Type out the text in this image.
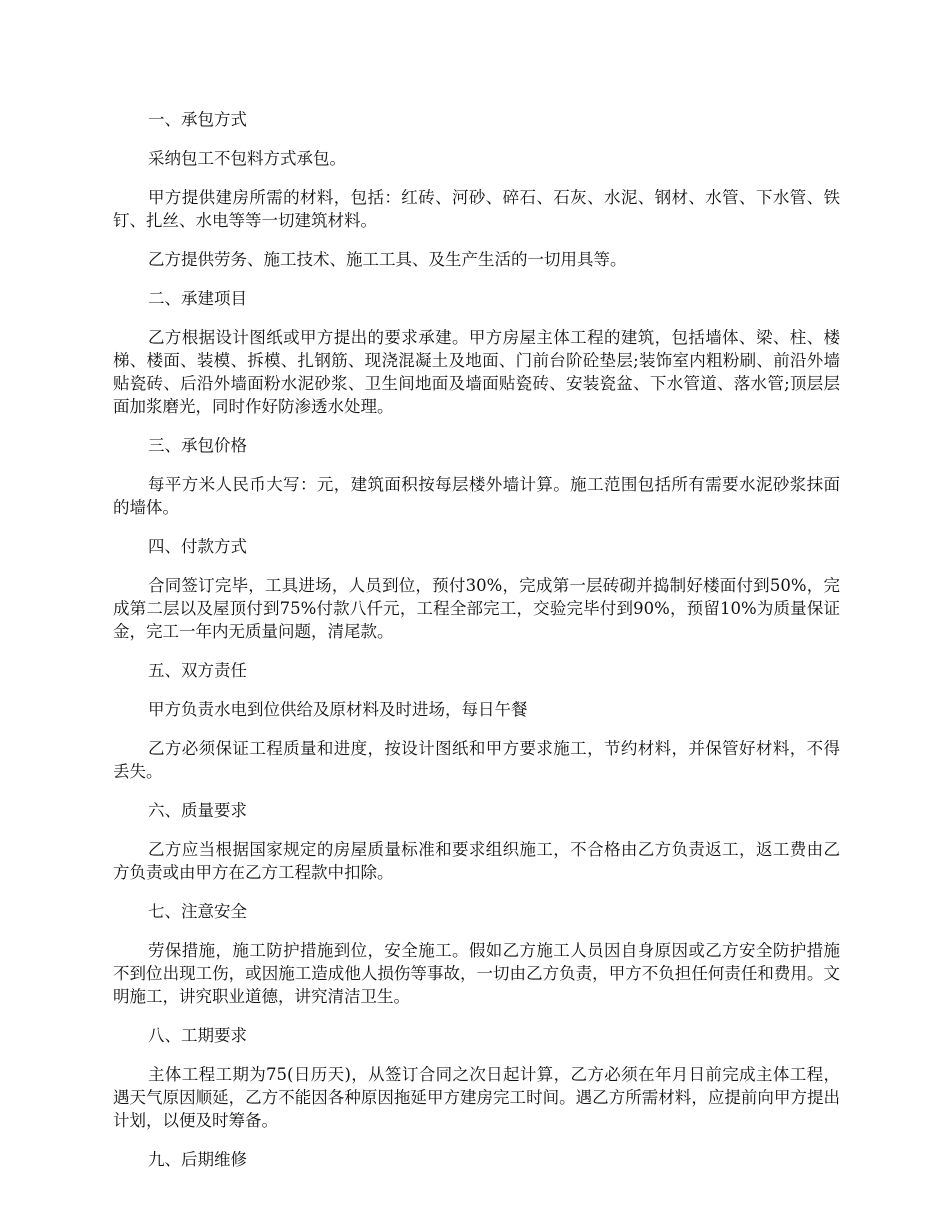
一、承包方式

采纳包工不包料方式承包。

甲方提供建房所需的材料，包括：红砖、河砂、碎石、石灰、水泥、钢材、水管、下水管、铁钉、扎丝、水电等等一切建筑材料。

乙方提供劳务、施工技术、施工工具、及生产生活的一切用具等。

二、承建项目

乙方根据设计图纸或甲方提出的要求承建。甲方房屋主体工程的建筑，包括墙体、梁、柱、楼梯、楼面、装模、拆模、扎钢筋、现浇混凝土及地面、门前台阶砼垫层;装饰室内粗粉刷、前沿外墙贴瓷砖、后沿外墙面粉水泥砂浆、卫生间地面及墙面贴瓷砖、安装瓷盆、下水管道、落水管;顶层层面加浆磨光，同时作好防渗透水处理。

三、承包价格

每平方米人民币大写：元，建筑面积按每层楼外墙计算。施工范围包括所有需要水泥砂浆抹面的墙体。

四、付款方式

合同签订完毕，工具进场，人员到位，预付30%，完成第一层砖砌并捣制好楼面付到50%，完成第二层以及屋顶付到75%付款八仟元，工程全部完工，交验完毕付到90%，预留10%为质量保证金，完工一年内无质量问题，清尾款。

五、双方责任

甲方负责水电到位供给及原材料及时进场，每日午餐

乙方必须保证工程质量和进度，按设计图纸和甲方要求施工，节约材料，并保管好材料，不得丢失。

六、质量要求

乙方应当根据国家规定的房屋质量标准和要求组织施工，不合格由乙方负责返工，返工费由乙方负责或由甲方在乙方工程款中扣除。

七、注意安全

劳保措施，施工防护措施到位，安全施工。假如乙方施工人员因自身原因或乙方安全防护措施不到位出现工伤，或因施工造成他人损伤等事故，一切由乙方负责，甲方不负担任何责任和费用。文明施工，讲究职业道德，讲究清洁卫生。

八、工期要求

主体工程工期为75(日历天)，从签订合同之次日起计算，乙方必须在年月日前完成主体工程，遇天气原因顺延，乙方不能因各种原因拖延甲方建房完工时间。遇乙方所需材料，应提前向甲方提出计划，以便及时筹备。

九、后期维修
